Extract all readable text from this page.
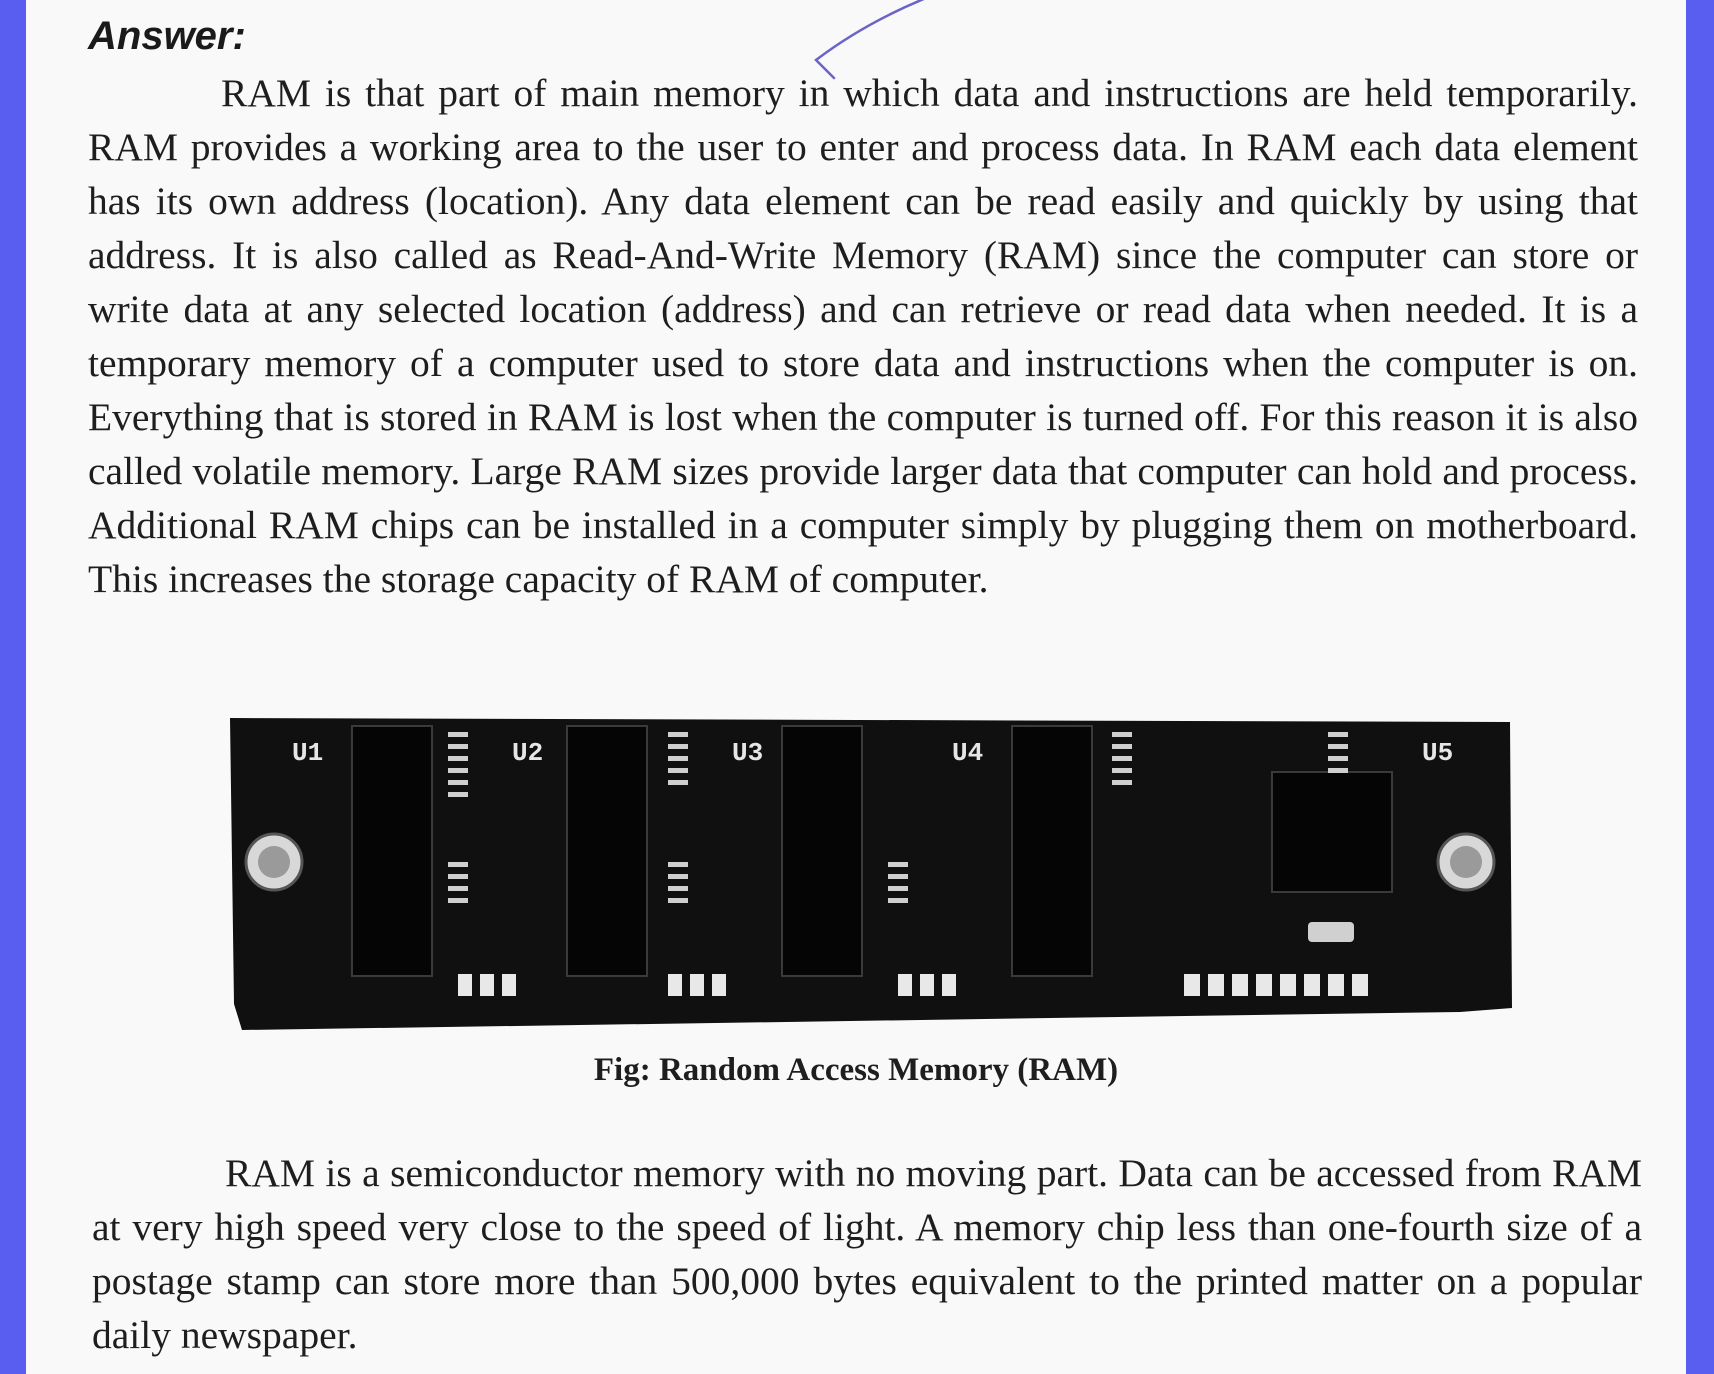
Answer:

RAM is that part of main memory in which data and instructions are held temporarily. RAM provides a working area to the user to enter and process data. In RAM each data element has its own address (location). Any data element can be read easily and quickly by using that address. It is also called as Read-And-Write Memory (RAM) since the computer can store or write data at any selected location (address) and can retrieve or read data when needed. It is a temporary memory of a computer used to store data and instructions when the computer is on. Everything that is stored in RAM is lost when the computer is turned off. For this reason it is also called volatile memory. Large RAM sizes provide larger data that computer can hold and process. Additional RAM chips can be installed in a computer simply by plugging them on motherboard. This increases the storage capacity of RAM of computer.

U1	U2	U3	U4	U5

Fig: Random Access Memory (RAM)

RAM is a semiconductor memory with no moving part. Data can be accessed from RAM at very high speed very close to the speed of light. A memory chip less than one-fourth size of a postage stamp can store more than 500,000 bytes equivalent to the printed matter on a popular daily newspaper.
